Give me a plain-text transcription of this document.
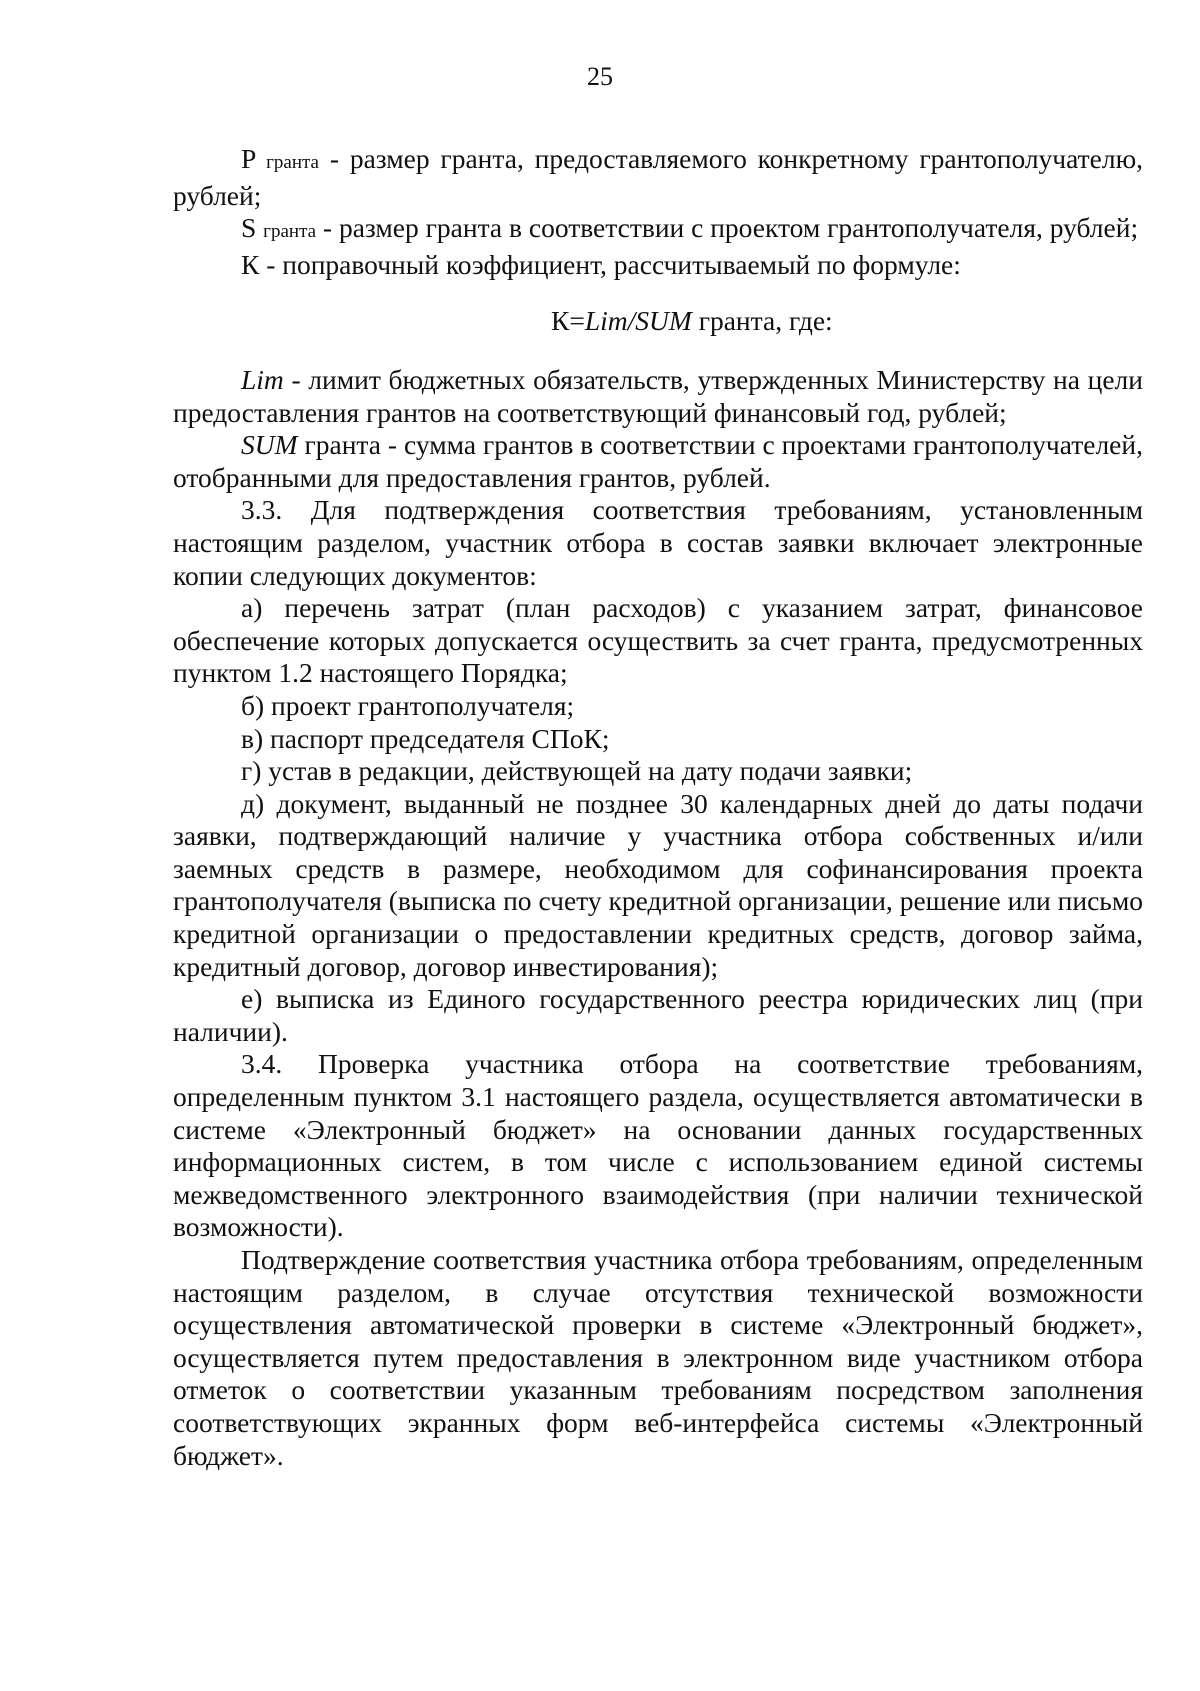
25

P гранта - размер гранта, предоставляемого конкретному грантополучателю, рублей;

S гранта - размер гранта в соответствии с проектом грантополучателя, рублей;

К - поправочный коэффициент, рассчитываемый по формуле:

К=Lim/SUM гранта, где:

Lim - лимит бюджетных обязательств, утвержденных Министерству на цели предоставления грантов на соответствующий финансовый год, рублей;

SUM гранта - сумма грантов в соответствии с проектами грантополучателей, отобранными для предоставления грантов, рублей.

3.3. Для подтверждения соответствия требованиям, установленным настоящим разделом, участник отбора в состав заявки включает электронные копии следующих документов:

а) перечень затрат (план расходов) с указанием затрат, финансовое обеспечение которых допускается осуществить за счет гранта, предусмотренных пунктом 1.2 настоящего Порядка;

б) проект грантополучателя;

в) паспорт председателя СПоК;

г) устав в редакции, действующей на дату подачи заявки;

д) документ, выданный не позднее 30 календарных дней до даты подачи заявки, подтверждающий наличие у участника отбора собственных и/или заемных средств в размере, необходимом для софинансирования проекта грантополучателя (выписка по счету кредитной организации, решение или письмо кредитной организации о предоставлении кредитных средств, договор займа, кредитный договор, договор инвестирования);

е) выписка из Единого государственного реестра юридических лиц (при наличии).

3.4. Проверка участника отбора на соответствие требованиям, определенным пунктом 3.1 настоящего раздела, осуществляется автоматически в системе «Электронный бюджет» на основании данных государственных информационных систем, в том числе с использованием единой системы межведомственного электронного взаимодействия (при наличии технической возможности).

Подтверждение соответствия участника отбора требованиям, определенным настоящим разделом, в случае отсутствия технической возможности осуществления автоматической проверки в системе «Электронный бюджет», осуществляется путем предоставления в электронном виде участником отбора отметок о соответствии указанным требованиям посредством заполнения соответствующих экранных форм веб-интерфейса системы «Электронный бюджет».
